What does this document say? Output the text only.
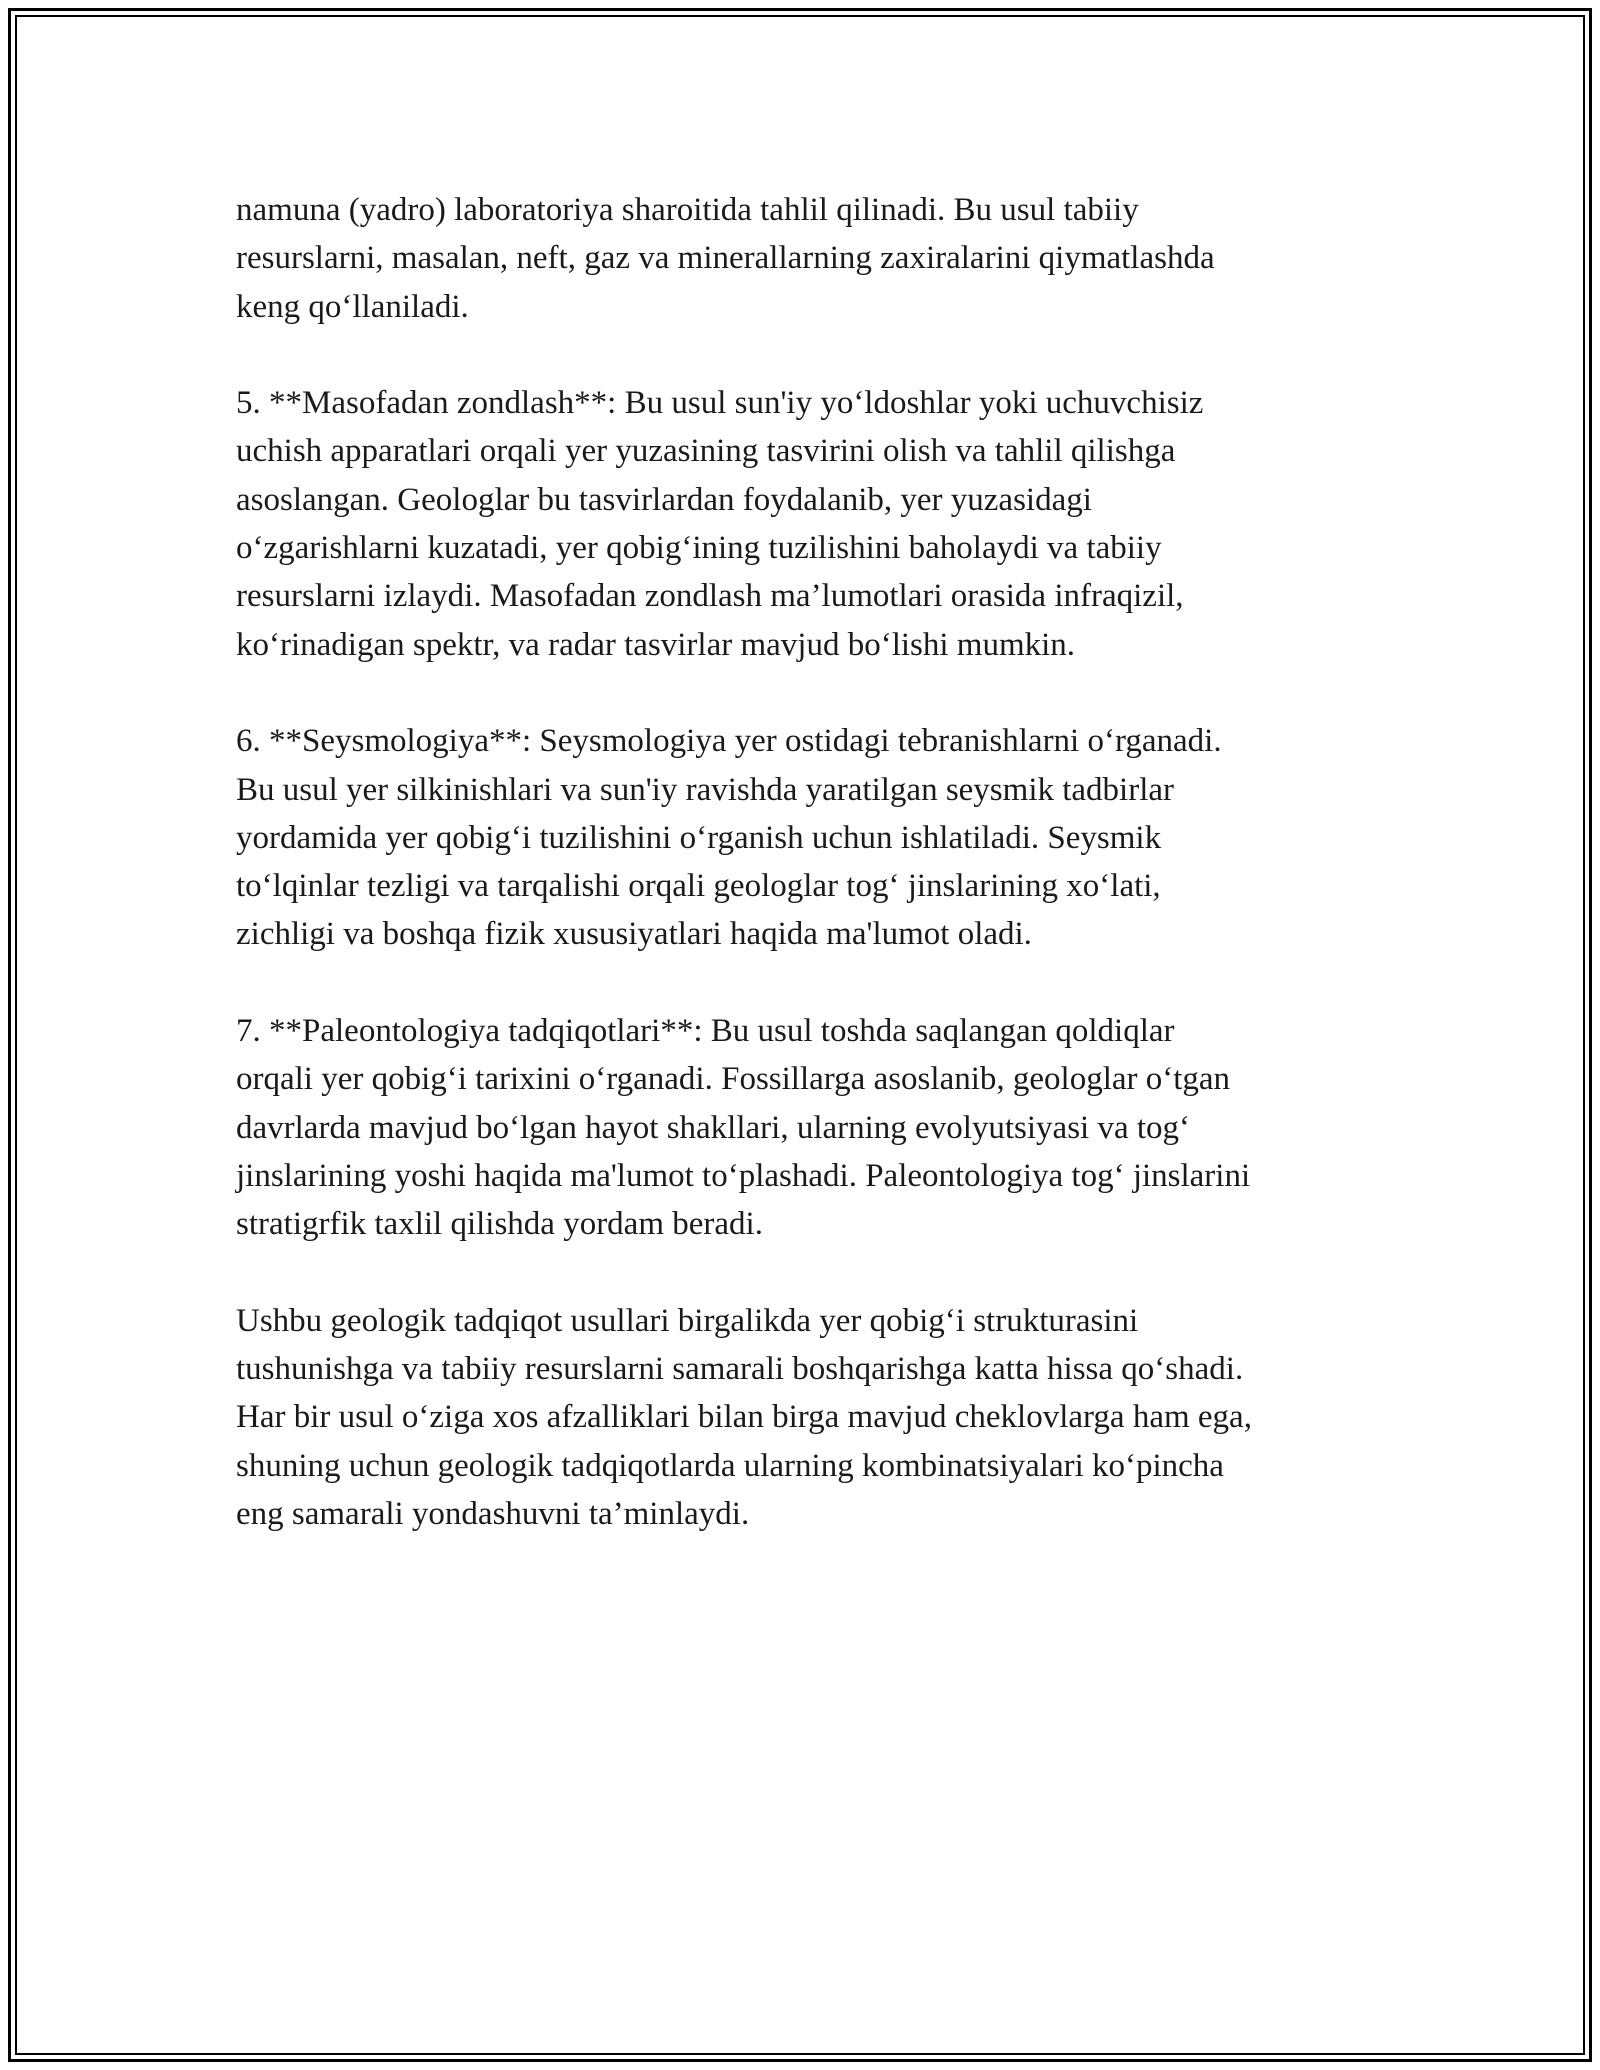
namuna (yadro) laboratoriya sharoitida tahlil qilinadi. Bu usul tabiiy
resurslarni, masalan, neft, gaz va minerallarning zaxiralarini qiymatlashda
keng qo‘llaniladi.

5. **Masofadan zondlash**: Bu usul sun'iy yo‘ldoshlar yoki uchuvchisiz
uchish apparatlari orqali yer yuzasining tasvirini olish va tahlil qilishga
asoslangan. Geologlar bu tasvirlardan foydalanib, yer yuzasidagi
o‘zgarishlarni kuzatadi, yer qobig‘ining tuzilishini baholaydi va tabiiy
resurslarni izlaydi. Masofadan zondlash ma’lumotlari orasida infraqizil,
ko‘rinadigan spektr, va radar tasvirlar mavjud bo‘lishi mumkin.

6. **Seysmologiya**: Seysmologiya yer ostidagi tebranishlarni o‘rganadi.
Bu usul yer silkinishlari va sun'iy ravishda yaratilgan seysmik tadbirlar
yordamida yer qobig‘i tuzilishini o‘rganish uchun ishlatiladi. Seysmik
to‘lqinlar tezligi va tarqalishi orqali geologlar tog‘ jinslarining xo‘lati,
zichligi va boshqa fizik xususiyatlari haqida ma'lumot oladi.

7. **Paleontologiya tadqiqotlari**: Bu usul toshda saqlangan qoldiqlar
orqali yer qobig‘i tarixini o‘rganadi. Fossillarga asoslanib, geologlar o‘tgan
davrlarda mavjud bo‘lgan hayot shakllari, ularning evolyutsiyasi va tog‘
jinslarining yoshi haqida ma'lumot to‘plashadi. Paleontologiya tog‘ jinslarini
stratigrfik taxlil qilishda yordam beradi.

Ushbu geologik tadqiqot usullari birgalikda yer qobig‘i strukturasini
tushunishga va tabiiy resurslarni samarali boshqarishga katta hissa qo‘shadi.
Har bir usul o‘ziga xos afzalliklari bilan birga mavjud cheklovlarga ham ega,
shuning uchun geologik tadqiqotlarda ularning kombinatsiyalari ko‘pincha
eng samarali yondashuvni ta’minlaydi.
